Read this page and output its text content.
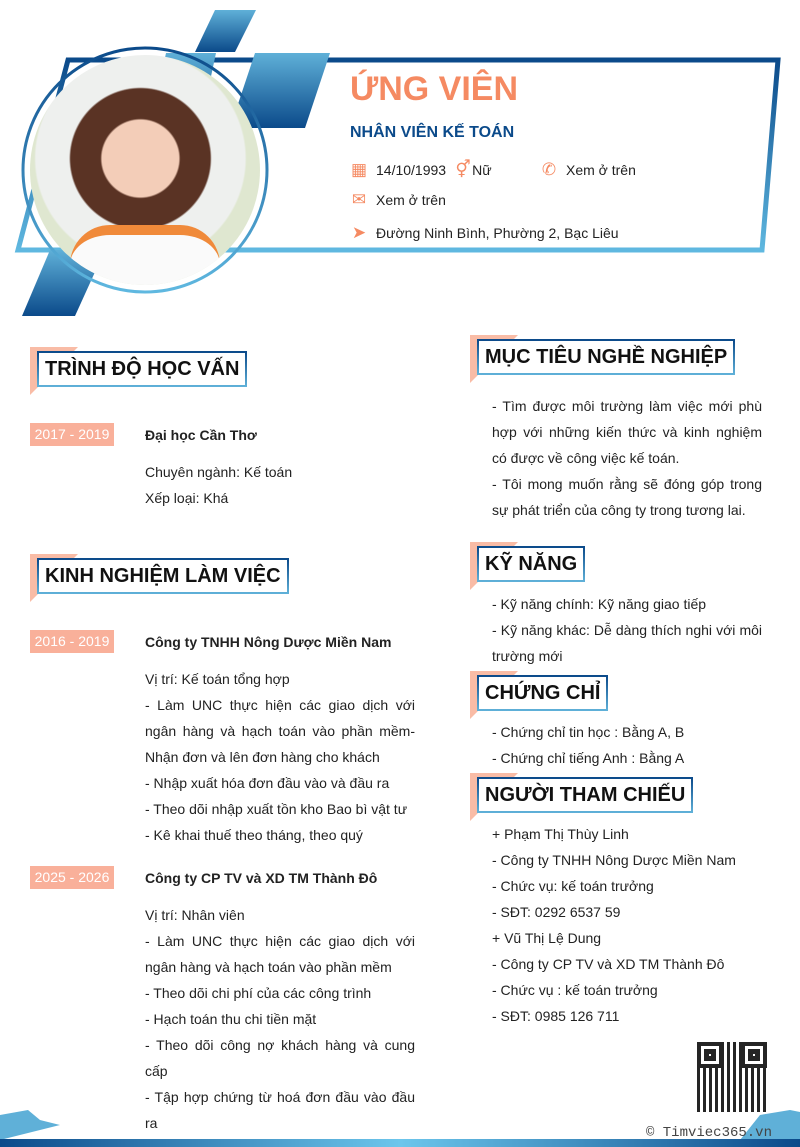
ỨNG VIÊN
NHÂN VIÊN KẾ TOÁN
▦ 14/10/1993 ⚥ Nữ	✆ Xem ở trên
✉ Xem ở trên
➤ Đường Ninh Bình, Phường 2, Bạc Liêu
TRÌNH ĐỘ HỌC VẤN
2017 - 2019	Đại học Cần Thơ
Chuyên ngành: Kế toán
Xếp loại: Khá
KINH NGHIỆM LÀM VIỆC
2016 - 2019	Công ty TNHH Nông Dược Miền Nam
Vị trí: Kế toán tổng hợp
- Làm UNC thực hiện các giao dịch với ngân hàng và hạch toán vào phần mềm- Nhận đơn và lên đơn hàng cho khách
- Nhập xuất hóa đơn đầu vào và đầu ra
- Theo dõi nhập xuất tồn kho Bao bì vật tư
- Kê khai thuế theo tháng, theo quý
2025 - 2026	Công ty CP TV và XD TM Thành Đô
Vị trí: Nhân viên
- Làm UNC thực hiện các giao dịch với ngân hàng và hạch toán vào phần mềm
- Theo dõi chi phí của các công trình
- Hạch toán thu chi tiền mặt
- Theo dõi công nợ khách hàng và cung cấp
- Tập hợp chứng từ hoá đơn đầu vào đầu ra
MỤC TIÊU NGHỀ NGHIỆP
- Tìm được môi trường làm việc mới phù hợp với những kiến thức và kinh nghiệm có được về công việc kế toán.
- Tôi mong muốn rằng sẽ đóng góp trong sự phát triển của công ty trong tương lai.
KỸ NĂNG
- Kỹ năng chính: Kỹ năng giao tiếp
- Kỹ năng khác: Dễ dàng thích nghi với môi trường mới
CHỨNG CHỈ
- Chứng chỉ tin học : Bằng A, B
- Chứng chỉ tiếng Anh : Bằng A
NGƯỜI THAM CHIẾU
+ Phạm Thị Thùy Linh
- Công ty TNHH Nông Dược Miền Nam
- Chức vụ: kế toán trưởng
- SĐT: 0292 6537 59
+ Vũ Thị Lệ Dung
- Công ty CP TV và XD TM Thành Đô
- Chức vụ : kế toán trưởng
- SĐT: 0985 126 711
© Timviec365.vn
